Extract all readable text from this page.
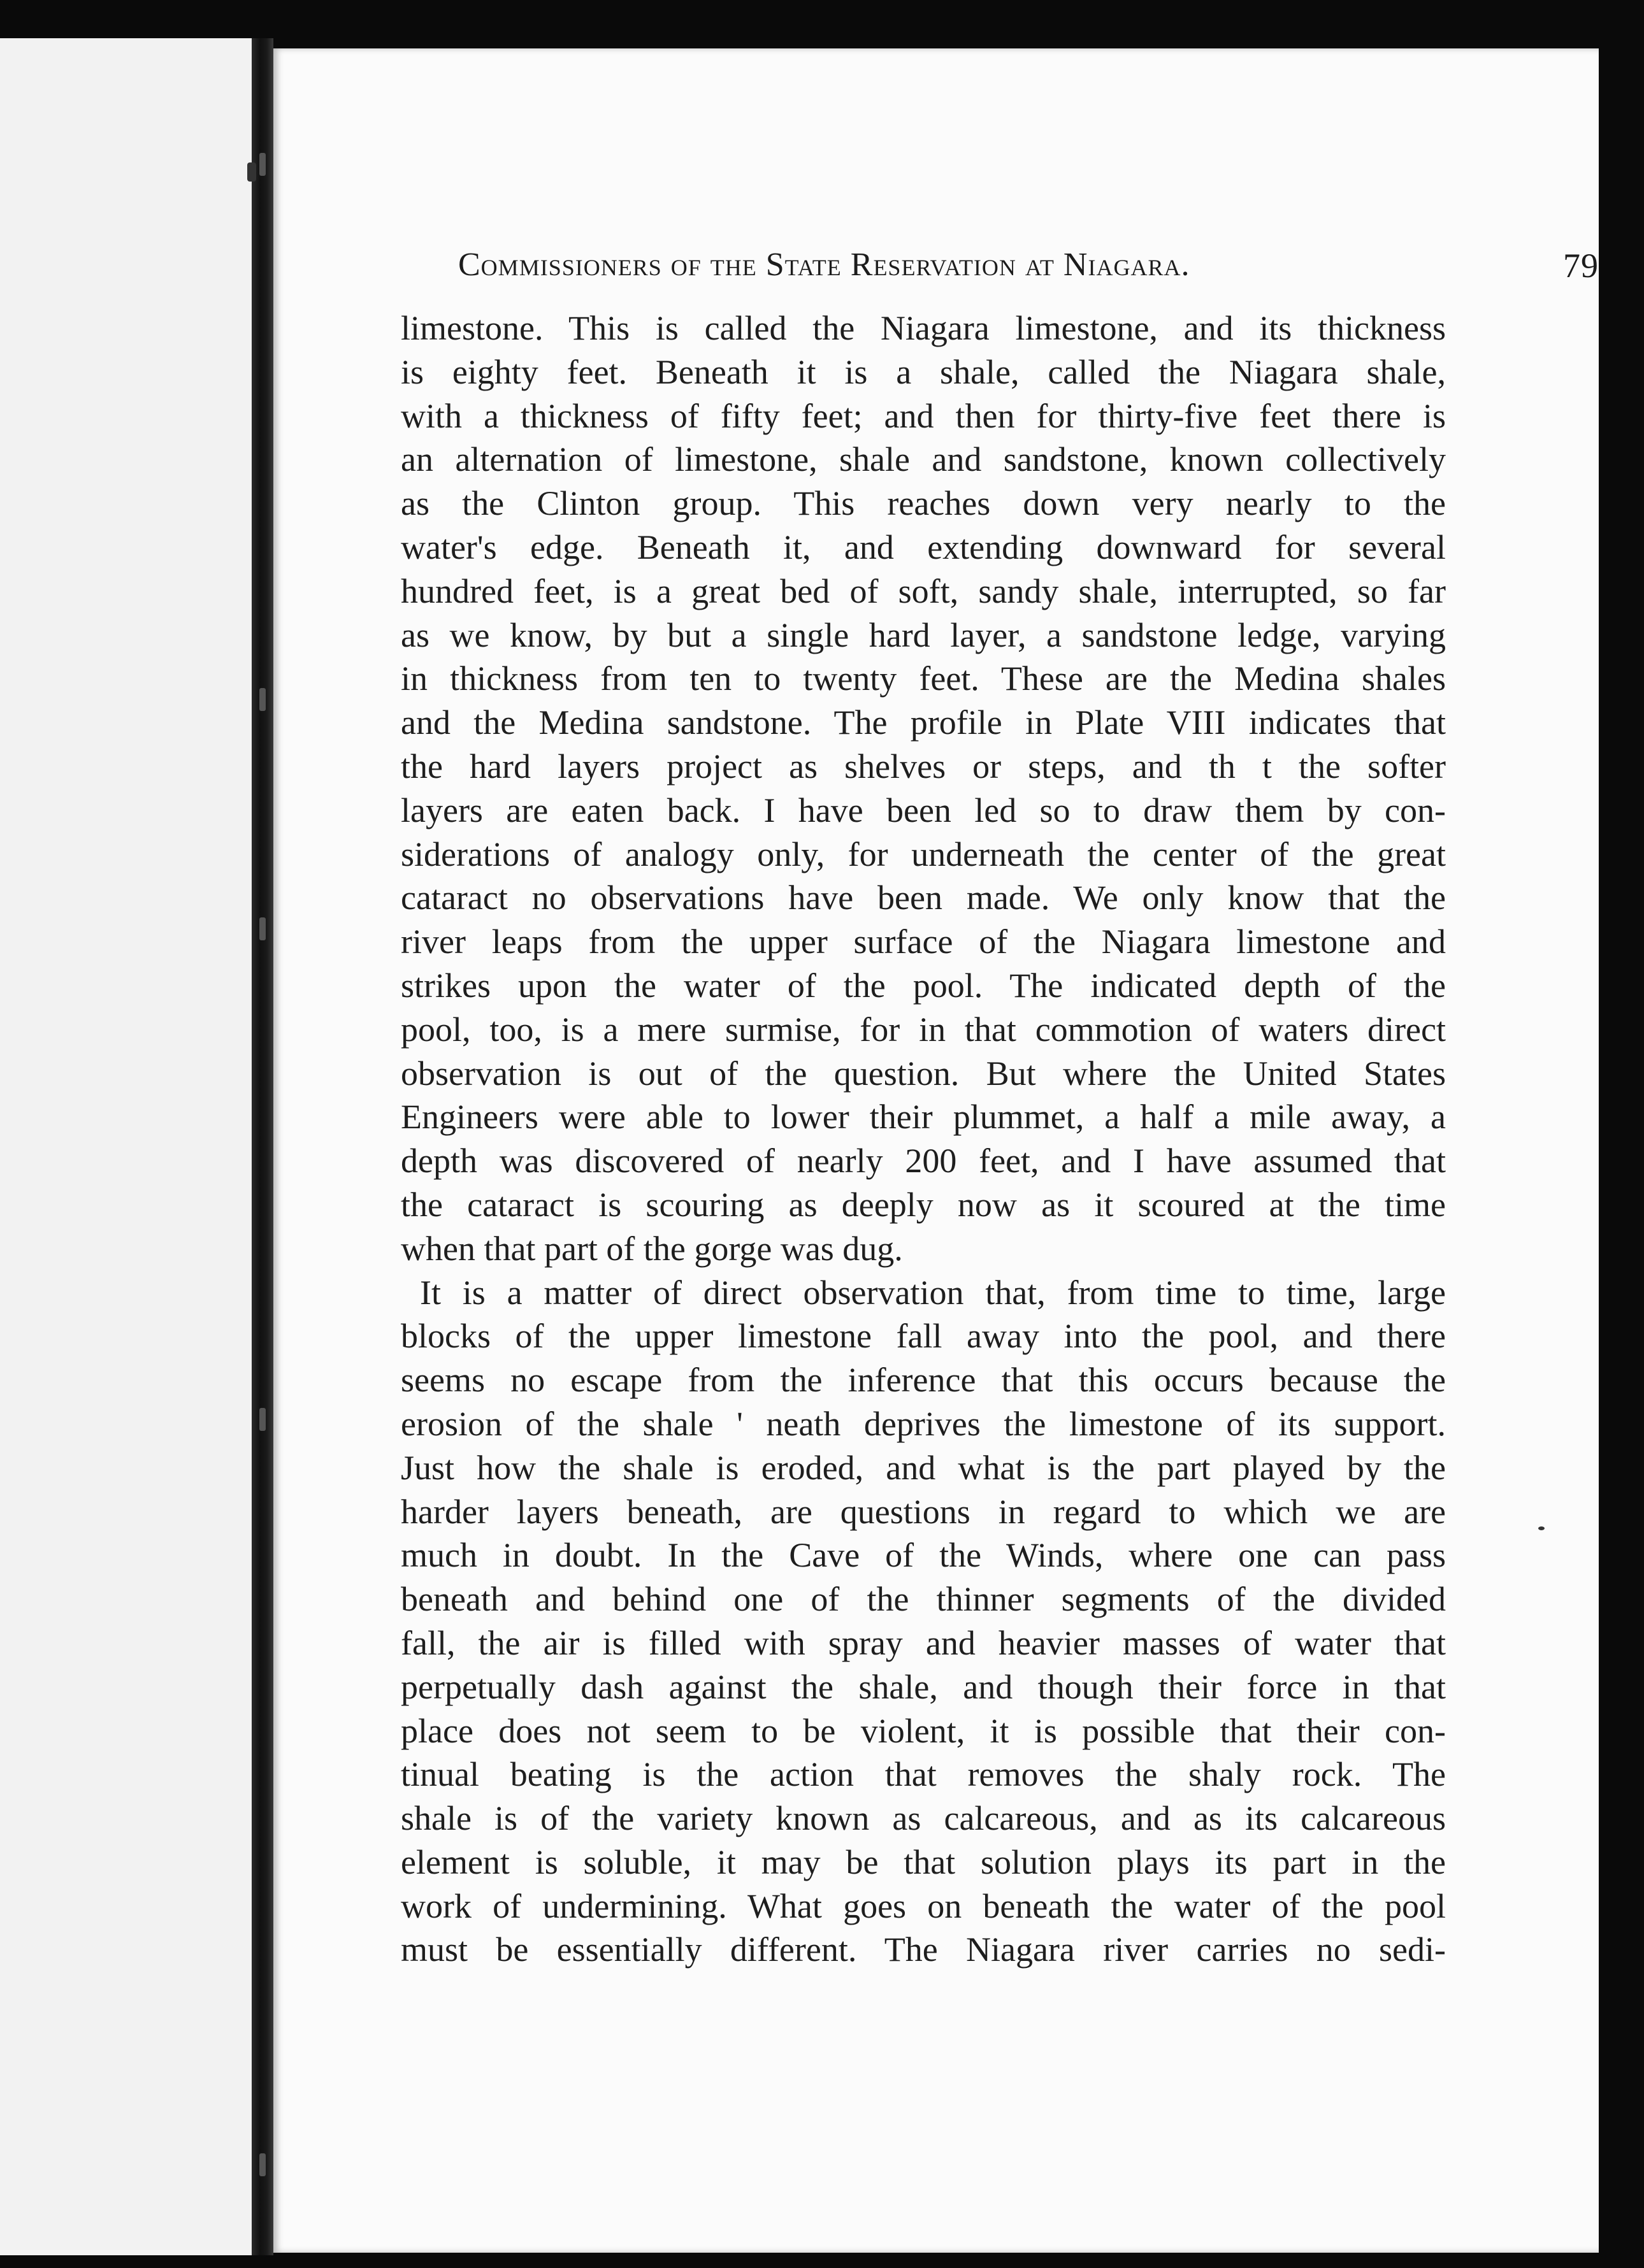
Commissioners of the State Reservation at Niagara.	79
limestone. This is called the Niagara limestone, and its thickness
is eighty feet. Beneath it is a shale, called the Niagara shale,
with a thickness of fifty feet; and then for thirty-five feet there is
an alternation of limestone, shale and sandstone, known collectively
as the Clinton group. This reaches down very nearly to the
water's edge. Beneath it, and extending downward for several
hundred feet, is a great bed of soft, sandy shale, interrupted, so far
as we know, by but a single hard layer, a sandstone ledge, varying
in thickness from ten to twenty feet. These are the Medina shales
and the Medina sandstone. The profile in Plate VIII indicates that
the hard layers project as shelves or steps, and th t the softer
layers are eaten back. I have been led so to draw them by con-
siderations of analogy only, for underneath the center of the great
cataract no observations have been made. We only know that the
river leaps from the upper surface of the Niagara limestone and
strikes upon the water of the pool. The indicated depth of the
pool, too, is a mere surmise, for in that commotion of waters direct
observation is out of the question. But where the United States
Engineers were able to lower their plummet, a half a mile away, a
depth was discovered of nearly 200 feet, and I have assumed that
the cataract is scouring as deeply now as it scoured at the time
when that part of the gorge was dug.
It is a matter of direct observation that, from time to time, large
blocks of the upper limestone fall away into the pool, and there
seems no escape from the inference that this occurs because the
erosion of the shale ' neath deprives the limestone of its support.
Just how the shale is eroded, and what is the part played by the
harder layers beneath, are questions in regard to which we are
much in doubt. In the Cave of the Winds, where one can pass
beneath and behind one of the thinner segments of the divided
fall, the air is filled with spray and heavier masses of water that
perpetually dash against the shale, and though their force in that
place does not seem to be violent, it is possible that their con-
tinual beating is the action that removes the shaly rock. The
shale is of the variety known as calcareous, and as its calcareous
element is soluble, it may be that solution plays its part in the
work of undermining. What goes on beneath the water of the pool
must be essentially different. The Niagara river carries no sedi-
